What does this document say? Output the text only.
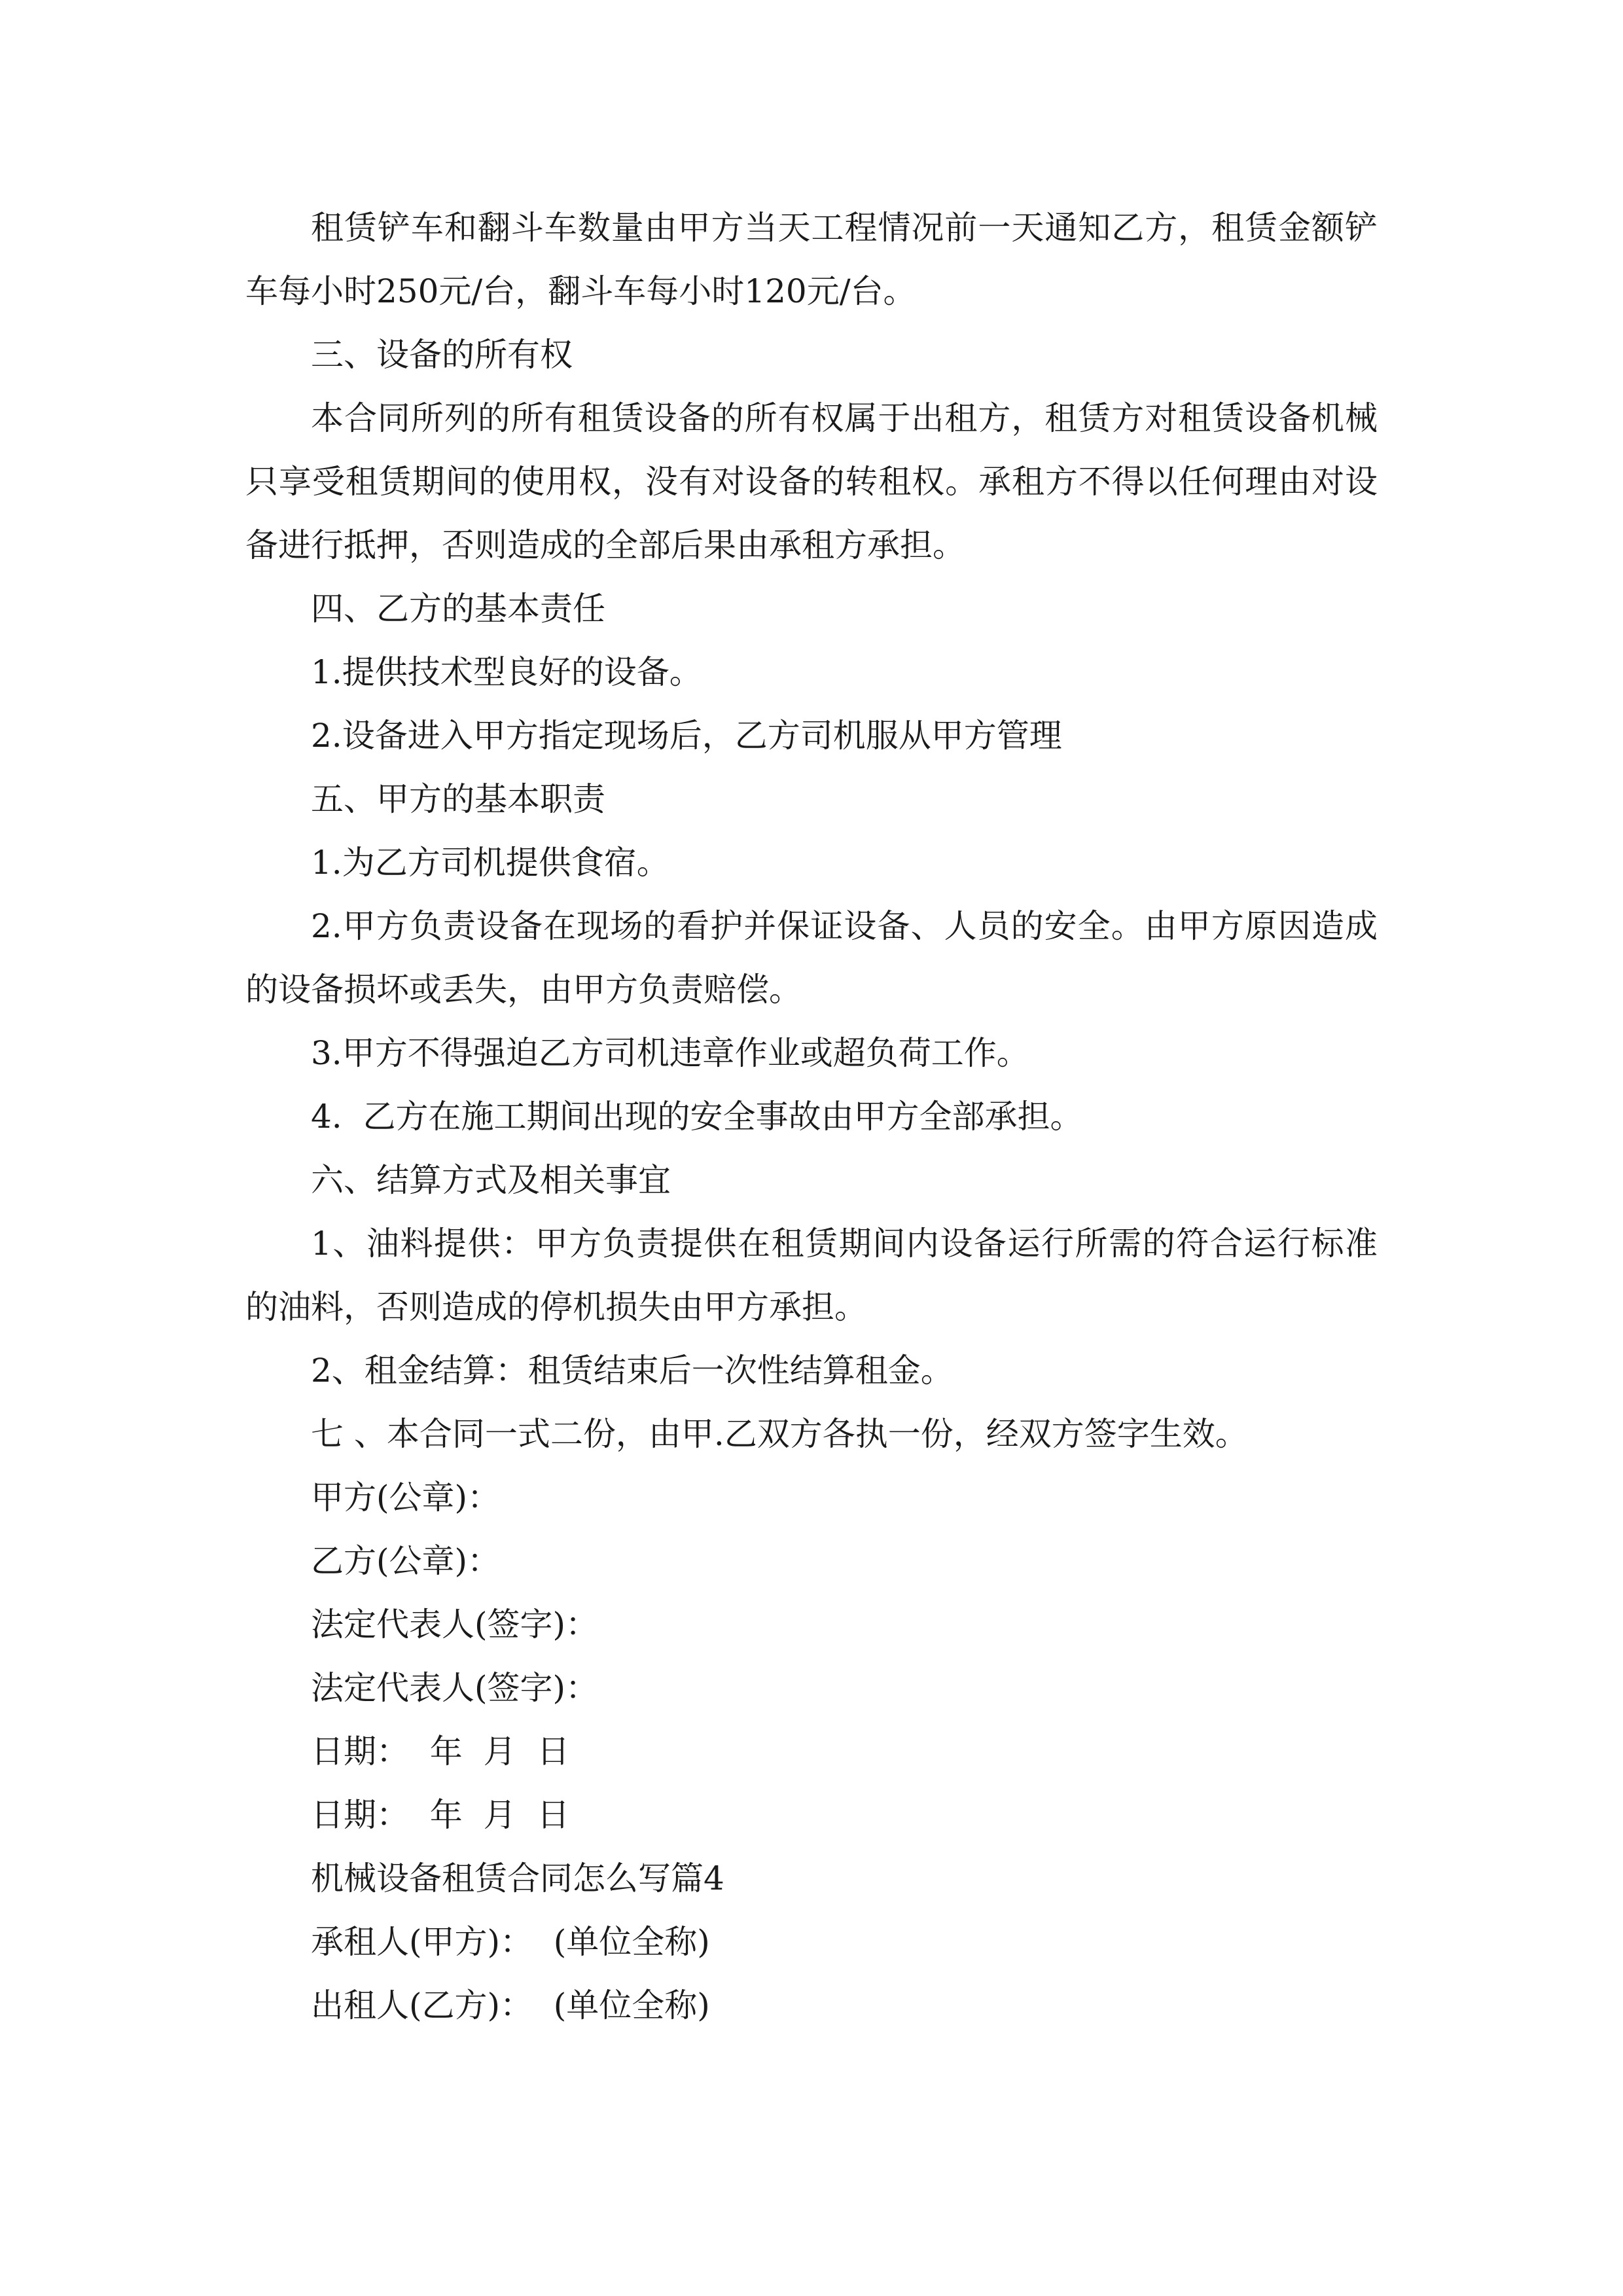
租赁铲车和翻斗车数量由甲方当天工程情况前一天通知乙方，租赁金额铲车每小时250元/台，翻斗车每小时120元/台。

三、设备的所有权

本合同所列的所有租赁设备的所有权属于出租方，租赁方对租赁设备机械只享受租赁期间的使用权，没有对设备的转租权。承租方不得以任何理由对设备进行抵押，否则造成的全部后果由承租方承担。

四、乙方的基本责任

1.提供技术型良好的设备。

2.设备进入甲方指定现场后，乙方司机服从甲方管理

五、甲方的基本职责

1.为乙方司机提供食宿。

2.甲方负责设备在现场的看护并保证设备、人员的安全。由甲方原因造成的设备损坏或丢失，由甲方负责赔偿。

3.甲方不得强迫乙方司机违章作业或超负荷工作。

4.  乙方在施工期间出现的安全事故由甲方全部承担。

六、结算方式及相关事宜

1、油料提供：甲方负责提供在租赁期间内设备运行所需的符合运行标准的油料，否则造成的停机损失由甲方承担。

2、租金结算：租赁结束后一次性结算租金。

七 、本合同一式二份，由甲.乙双方各执一份，经双方签字生效。

甲方(公章)：

乙方(公章)：

法定代表人(签字)：

法定代表人(签字)：

日期：  年  月  日

日期：  年  月  日

机械设备租赁合同怎么写篇4

承租人(甲方)：  (单位全称)

出租人(乙方)：  (单位全称)
